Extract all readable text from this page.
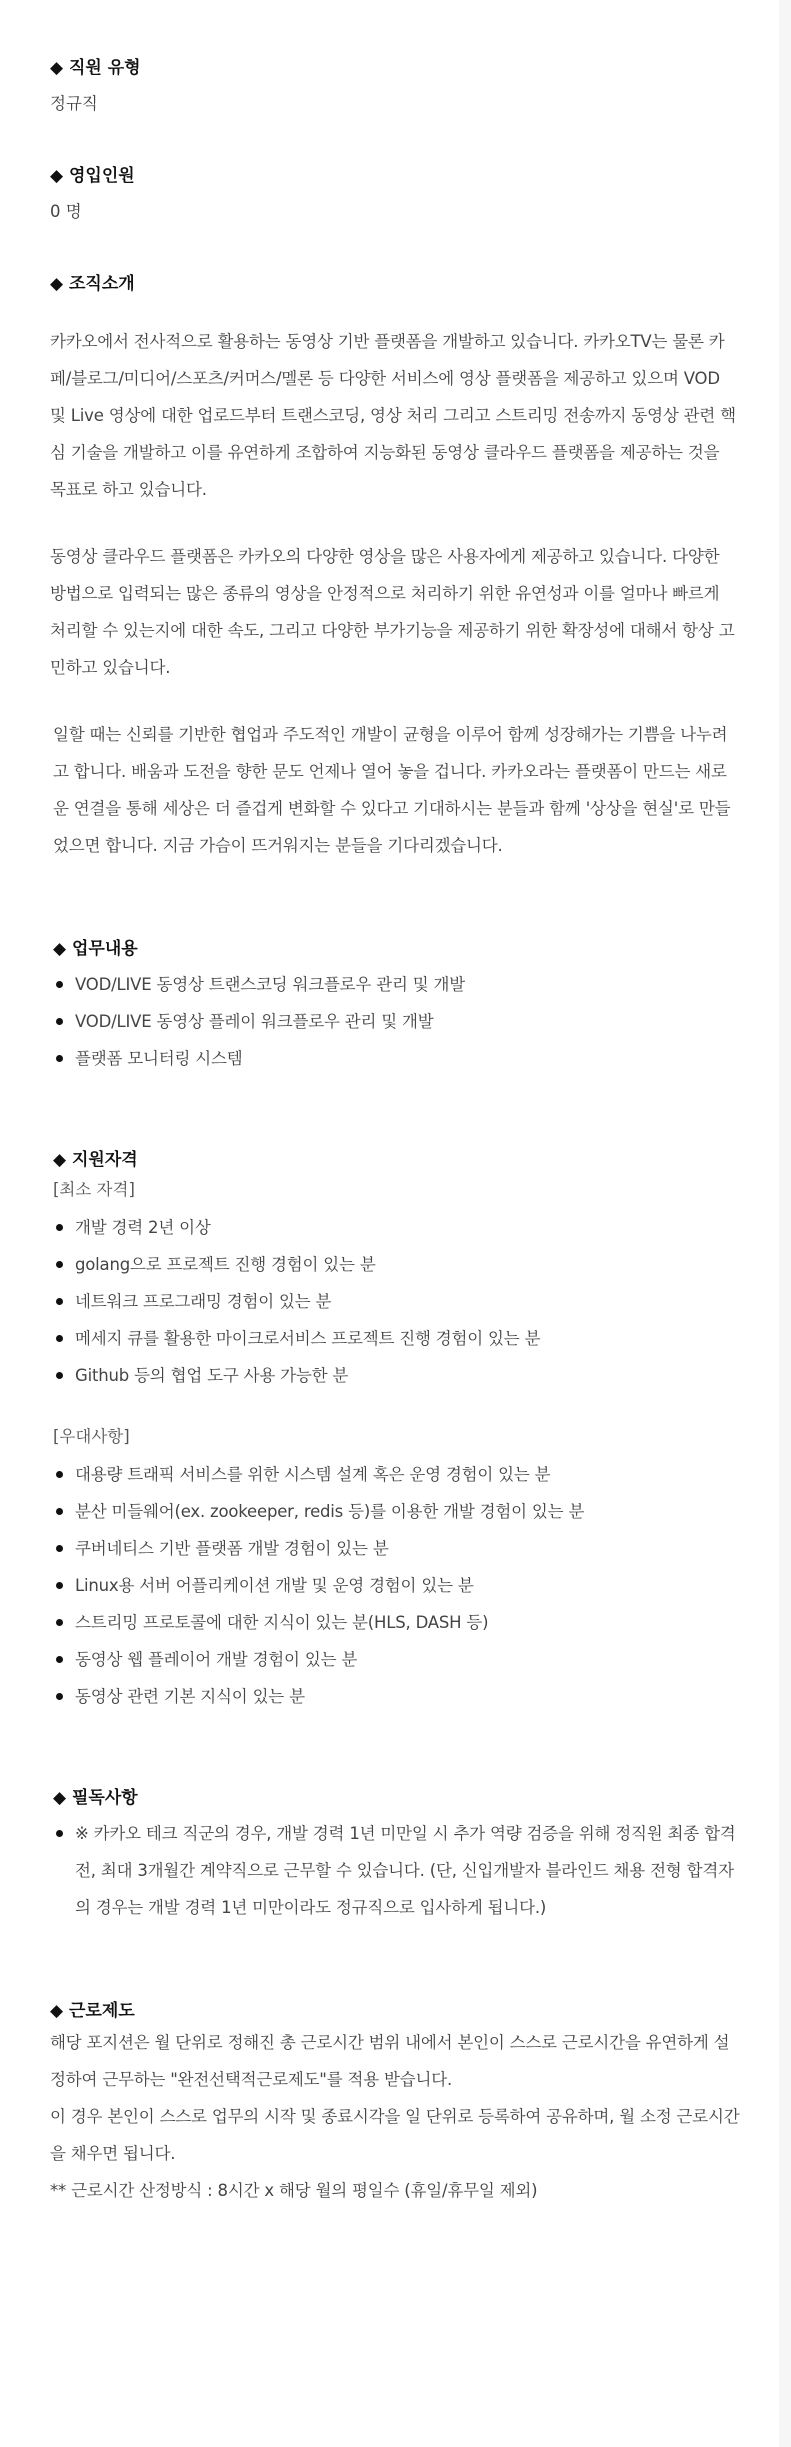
◆ 직원 유형
정규직
◆ 영입인원
0 명
◆ 조직소개

카카오에서 전사적으로 활용하는 동영상 기반 플랫폼을 개발하고 있습니다. 카카오TV는 물론 카페/블로그/미디어/스포츠/커머스/멜론 등 다양한 서비스에 영상 플랫폼을 제공하고 있으며 VOD 및 Live 영상에 대한 업로드부터 트랜스코딩, 영상 처리 그리고 스트리밍 전송까지 동영상 관련 핵심 기술을 개발하고 이를 유연하게 조합하여 지능화된 동영상 클라우드 플랫폼을 제공하는 것을 목표로 하고 있습니다.

동영상 클라우드 플랫폼은 카카오의 다양한 영상을 많은 사용자에게 제공하고 있습니다. 다양한 방법으로 입력되는 많은 종류의 영상을 안정적으로 처리하기 위한 유연성과 이를 얼마나 빠르게 처리할 수 있는지에 대한 속도, 그리고 다양한 부가기능을 제공하기 위한 확장성에 대해서 항상 고민하고 있습니다.

일할 때는 신뢰를 기반한 협업과 주도적인 개발이 균형을 이루어 함께 성장해가는 기쁨을 나누려고 합니다. 배움과 도전을 향한 문도 언제나 열어 놓을 겁니다. 카카오라는 플랫폼이 만드는 새로운 연결을 통해 세상은 더 즐겁게 변화할 수 있다고 기대하시는 분들과 함께 '상상을 현실'로 만들었으면 합니다. 지금 가슴이 뜨거워지는 분들을 기다리겠습니다.

◆ 업무내용
VOD/LIVE 동영상 트랜스코딩 워크플로우 관리 및 개발
VOD/LIVE 동영상 플레이 워크플로우 관리 및 개발
플랫폼 모니터링 시스템
◆ 지원자격
[최소 자격]
개발 경력 2년 이상
golang으로 프로젝트 진행 경험이 있는 분
네트워크 프로그래밍 경험이 있는 분
메세지 큐를 활용한 마이크로서비스 프로젝트 진행 경험이 있는 분
Github 등의 협업 도구 사용 가능한 분
[우대사항]
대용량 트래픽 서비스를 위한 시스템 설계 혹은 운영 경험이 있는 분
분산 미들웨어(ex. zookeeper, redis 등)를 이용한 개발 경험이 있는 분
쿠버네티스 기반 플랫폼 개발 경험이 있는 분
Linux용 서버 어플리케이션 개발 및 운영 경험이 있는 분
스트리밍 프로토콜에 대한 지식이 있는 분(HLS, DASH 등)
동영상 웹 플레이어 개발 경험이 있는 분
동영상 관련 기본 지식이 있는 분
◆ 필독사항
※ 카카오 테크 직군의 경우, 개발 경력 1년 미만일 시 추가 역량 검증을 위해 정직원 최종 합격 전, 최대 3개월간 계약직으로 근무할 수 있습니다. (단, 신입개발자 블라인드 채용 전형 합격자의 경우는 개발 경력 1년 미만이라도 정규직으로 입사하게 됩니다.)
◆ 근로제도

해당 포지션은 월 단위로 정해진 총 근로시간 범위 내에서 본인이 스스로 근로시간을 유연하게 설정하여 근무하는 "완전선택적근로제도"를 적용 받습니다.

이 경우 본인이 스스로 업무의 시작 및 종료시각을 일 단위로 등록하여 공유하며, 월 소정 근로시간을 채우면 됩니다.

** 근로시간 산정방식 : 8시간 x 해당 월의 평일수 (휴일/휴무일 제외)
